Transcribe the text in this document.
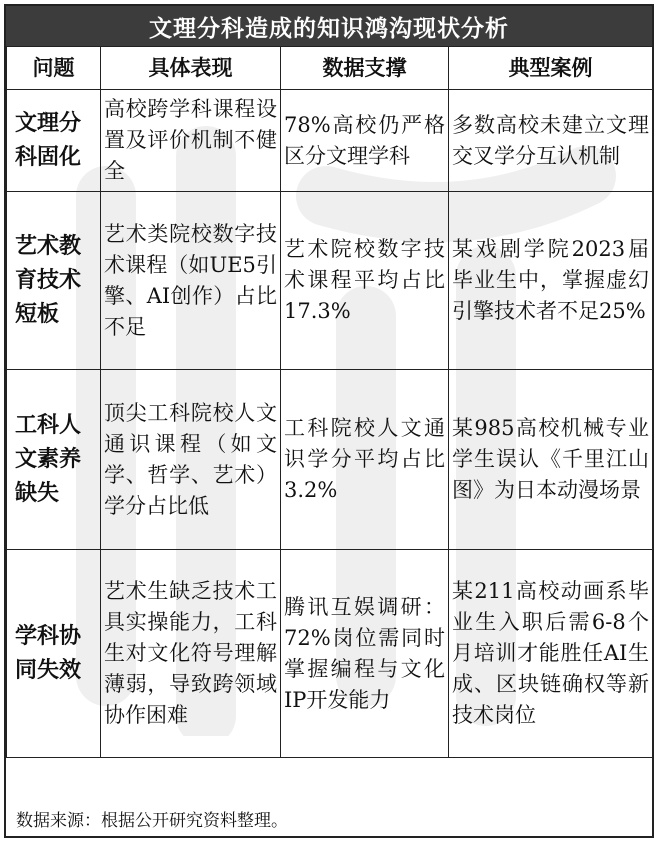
文理分科造成的知识鸿沟现状分析
问题	具体表现	数据支撑	典型案例
文理分科固化	高校跨学科课程设置及评价机制不健全	78%高校仍严格区分文理学科	多数高校未建立文理交叉学分互认机制
艺术教育技术短板	艺术类院校数字技术课程（如UE5引擎、AI创作）占比不足	艺术院校数字技术课程平均占比17.3%	某戏剧学院2023届毕业生中，掌握虚幻引擎技术者不足25%
工科人文素养缺失	顶尖工科院校人文通识课程（如文学、哲学、艺术）学分占比低	工科院校人文通识学分平均占比3.2%	某985高校机械专业学生误认《千里江山图》为日本动漫场景
学科协同失效	艺术生缺乏技术工具实操能力，工科生对文化符号理解薄弱，导致跨领域协作困难	腾讯互娱调研：72%岗位需同时掌握编程与文化IP开发能力	某211高校动画系毕业生入职后需6-8个月培训才能胜任AI生成、区块链确权等新技术岗位
数据来源：根据公开研究资料整理。
